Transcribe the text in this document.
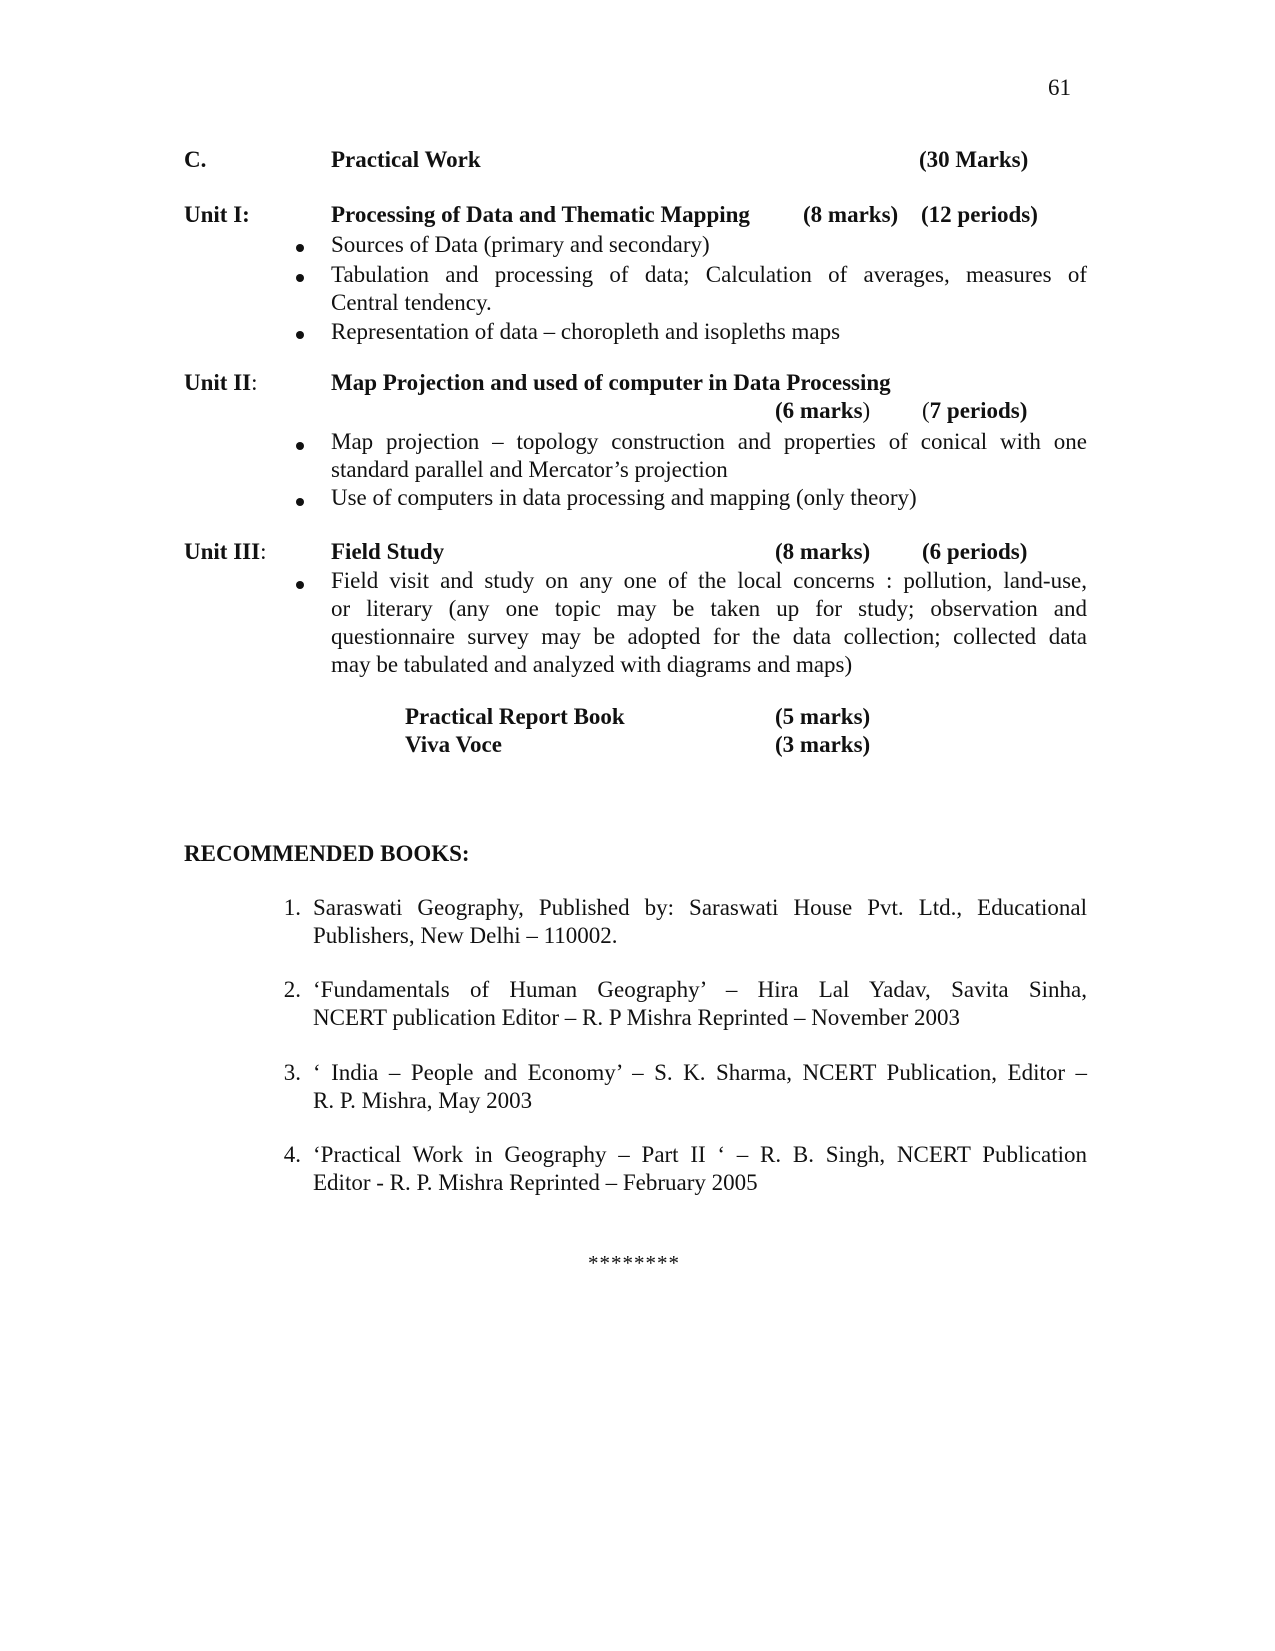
61
C.	Practical Work	(30 Marks)
Unit I:	Processing of Data and Thematic Mapping (8 marks) (12 periods)
Sources of Data (primary and secondary)
Tabulation and processing of data; Calculation of averages, measures of
Central tendency.
Representation of data – choropleth and isopleths maps
Unit II:	Map Projection and used of computer in Data Processing
(6 marks) (7 periods)
Map projection – topology construction and properties of conical with one
standard parallel and Mercator’s projection
Use of computers in data processing and mapping (only theory)
Unit III:	Field Study	(8 marks) (6 periods)
Field visit and study on any one of the local concerns : pollution, land-use,
or literary (any one topic may be taken up for study; observation and
questionnaire survey may be adopted for the data collection; collected data
may be tabulated and analyzed with diagrams and maps)
Practical Report Book	(5 marks)
Viva Voce	(3 marks)
RECOMMENDED BOOKS:
1. Saraswati Geography, Published by: Saraswati House Pvt. Ltd., Educational
Publishers, New Delhi – 110002.
2. ‘Fundamentals of Human Geography’ – Hira Lal Yadav, Savita Sinha,
NCERT publication Editor – R. P Mishra Reprinted – November 2003
3. ‘ India – People and Economy’ – S. K. Sharma, NCERT Publication, Editor –
R. P. Mishra, May 2003
4. ‘Practical Work in Geography – Part II ‘ – R. B. Singh, NCERT Publication
Editor - R. P. Mishra Reprinted – February 2005
********
